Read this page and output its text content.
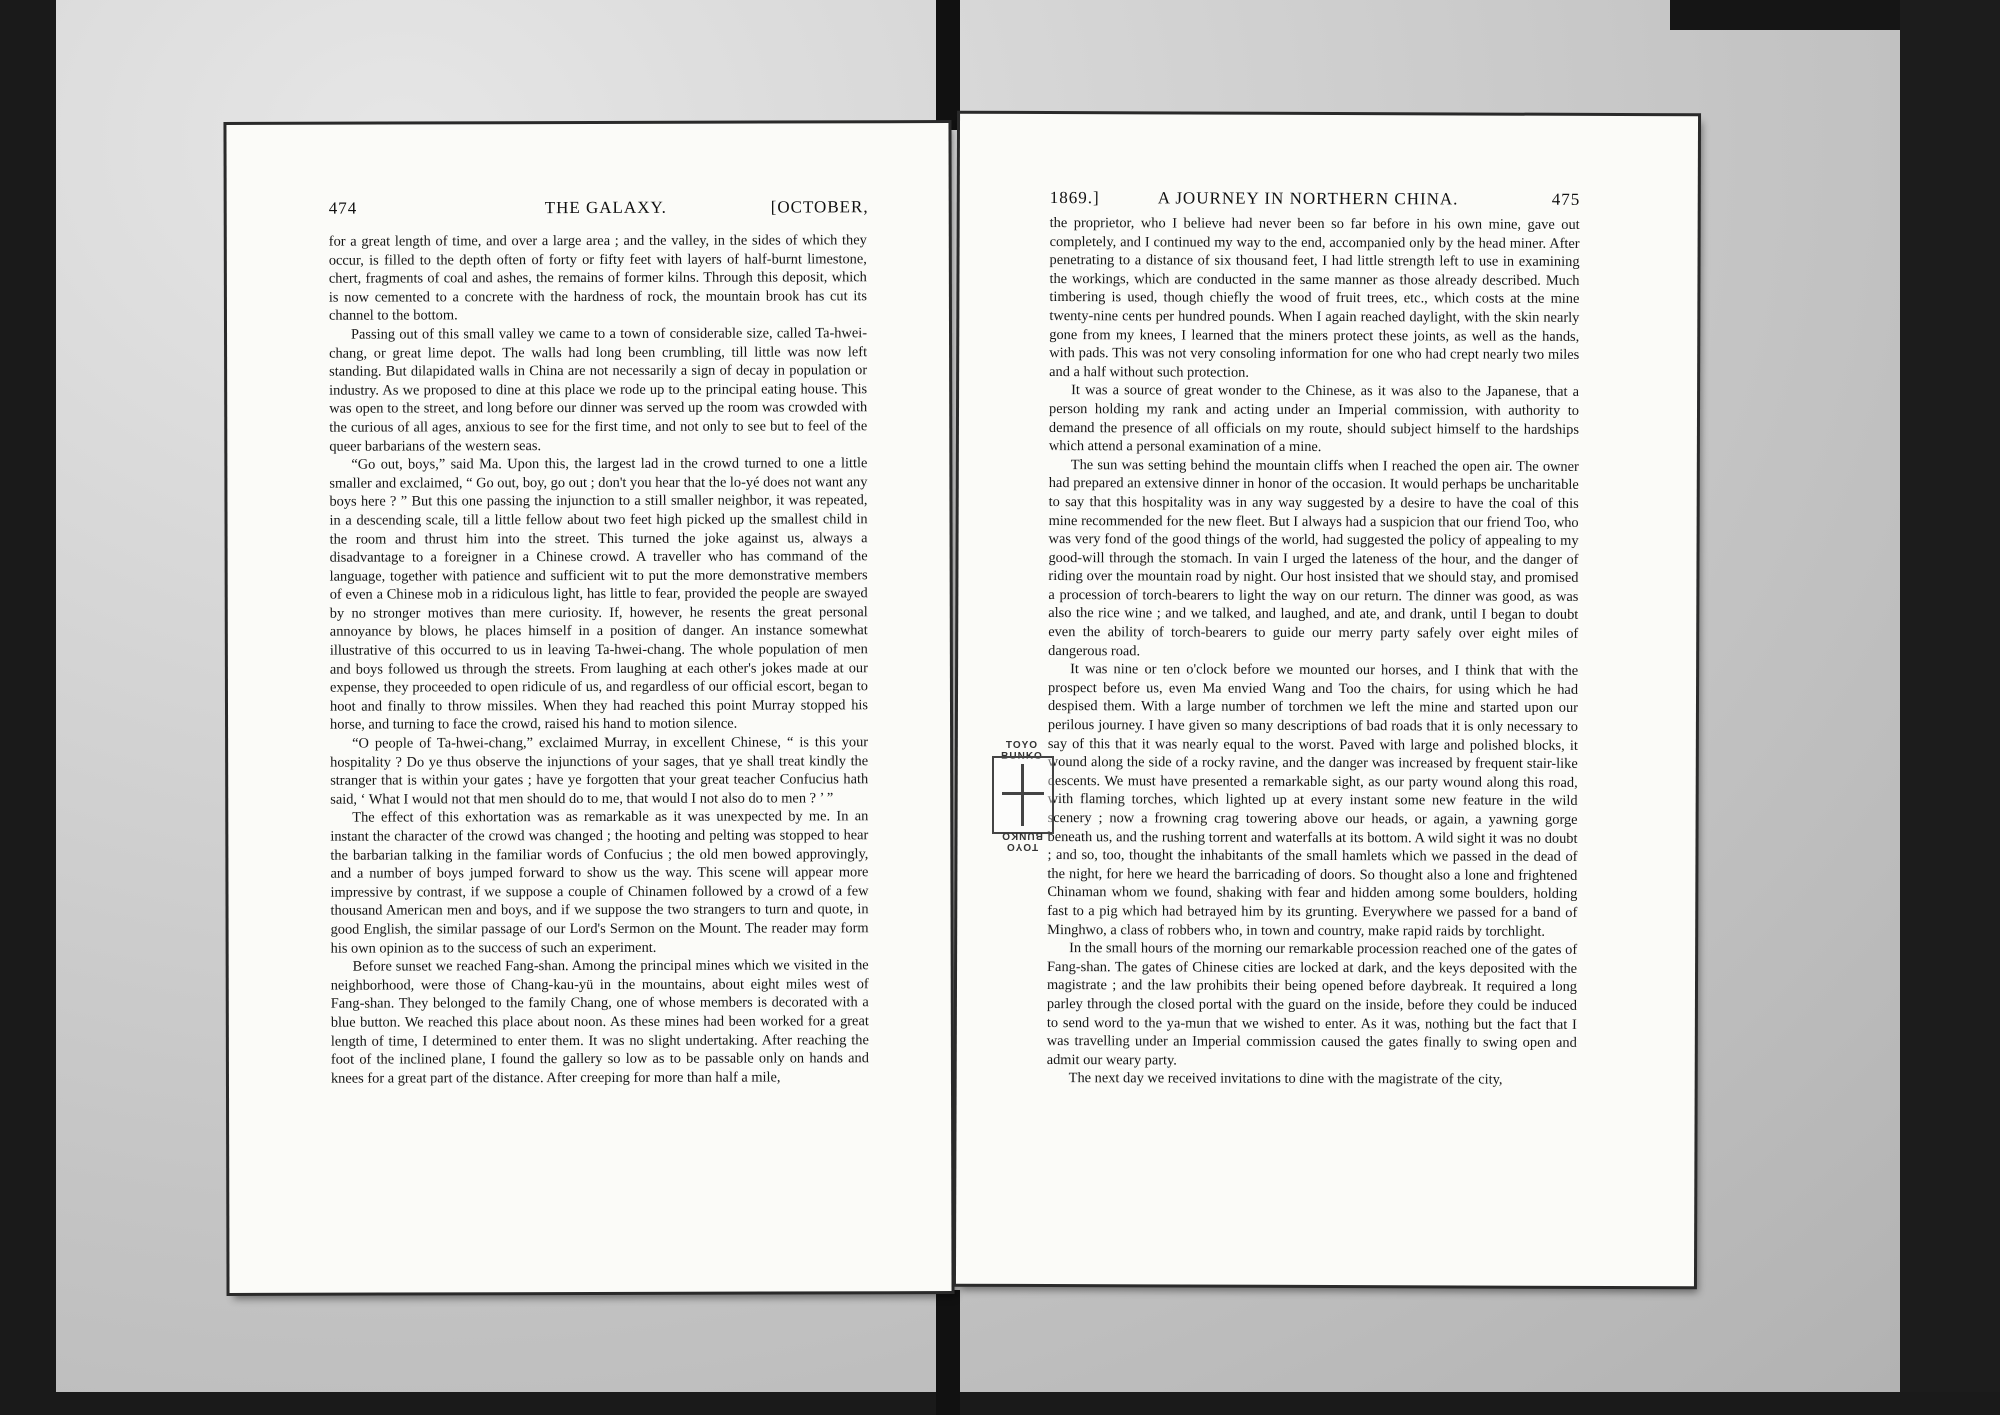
474	THE GALAXY.	[OCTOBER,

for a great length of time, and over a large area ; and the valley, in the sides of which they occur, is filled to the depth often of forty or fifty feet with layers of half-burnt limestone, chert, fragments of coal and ashes, the remains of former kilns. Through this deposit, which is now cemented to a concrete with the hardness of rock, the mountain brook has cut its channel to the bottom.

Passing out of this small valley we came to a town of considerable size, called Ta-hwei-chang, or great lime depot. The walls had long been crumbling, till little was now left standing. But dilapidated walls in China are not necessarily a sign of decay in population or industry. As we proposed to dine at this place we rode up to the principal eating house. This was open to the street, and long before our dinner was served up the room was crowded with the curious of all ages, anxious to see for the first time, and not only to see but to feel of the queer barbarians of the western seas.

“Go out, boys,” said Ma. Upon this, the largest lad in the crowd turned to one a little smaller and exclaimed, “ Go out, boy, go out ; don't you hear that the lo-yé does not want any boys here ? ” But this one passing the injunction to a still smaller neighbor, it was repeated, in a descending scale, till a little fellow about two feet high picked up the smallest child in the room and thrust him into the street. This turned the joke against us, always a disadvantage to a foreigner in a Chinese crowd. A traveller who has command of the language, together with patience and sufficient wit to put the more demonstrative members of even a Chinese mob in a ridiculous light, has little to fear, provided the people are swayed by no stronger motives than mere curiosity. If, however, he resents the great personal annoyance by blows, he places himself in a position of danger. An instance somewhat illustrative of this occurred to us in leaving Ta-hwei-chang. The whole population of men and boys followed us through the streets. From laughing at each other's jokes made at our expense, they proceeded to open ridicule of us, and regardless of our official escort, began to hoot and finally to throw missiles. When they had reached this point Murray stopped his horse, and turning to face the crowd, raised his hand to motion silence.

“O people of Ta-hwei-chang,” exclaimed Murray, in excellent Chinese, “ is this your hospitality ? Do ye thus observe the injunctions of your sages, that ye shall treat kindly the stranger that is within your gates ; have ye forgotten that your great teacher Confucius hath said, ‘ What I would not that men should do to me, that would I not also do to men ? ’ ”

The effect of this exhortation was as remarkable as it was unexpected by me. In an instant the character of the crowd was changed ; the hooting and pelting was stopped to hear the barbarian talking in the familiar words of Confucius ; the old men bowed approvingly, and a number of boys jumped forward to show us the way. This scene will appear more impressive by contrast, if we suppose a couple of Chinamen followed by a crowd of a few thousand American men and boys, and if we suppose the two strangers to turn and quote, in good English, the similar passage of our Lord's Sermon on the Mount. The reader may form his own opinion as to the success of such an experiment.

Before sunset we reached Fang-shan. Among the principal mines which we visited in the neighborhood, were those of Chang-kau-yü in the mountains, about eight miles west of Fang-shan. They belonged to the family Chang, one of whose members is decorated with a blue button. We reached this place about noon. As these mines had been worked for a great length of time, I determined to enter them. It was no slight undertaking. After reaching the foot of the inclined plane, I found the gallery so low as to be passable only on hands and knees for a great part of the distance. After creeping for more than half a mile,

1869.]	A JOURNEY IN NORTHERN CHINA.	475

the proprietor, who I believe had never been so far before in his own mine, gave out completely, and I continued my way to the end, accompanied only by the head miner. After penetrating to a distance of six thousand feet, I had little strength left to use in examining the workings, which are conducted in the same manner as those already described. Much timbering is used, though chiefly the wood of fruit trees, etc., which costs at the mine twenty-nine cents per hundred pounds. When I again reached daylight, with the skin nearly gone from my knees, I learned that the miners protect these joints, as well as the hands, with pads. This was not very consoling information for one who had crept nearly two miles and a half without such protection.

It was a source of great wonder to the Chinese, as it was also to the Japanese, that a person holding my rank and acting under an Imperial commission, with authority to demand the presence of all officials on my route, should subject himself to the hardships which attend a personal examination of a mine.

The sun was setting behind the mountain cliffs when I reached the open air. The owner had prepared an extensive dinner in honor of the occasion. It would perhaps be uncharitable to say that this hospitality was in any way suggested by a desire to have the coal of this mine recommended for the new fleet. But I always had a suspicion that our friend Too, who was very fond of the good things of the world, had suggested the policy of appealing to my good-will through the stomach. In vain I urged the lateness of the hour, and the danger of riding over the mountain road by night. Our host insisted that we should stay, and promised a procession of torch-bearers to light the way on our return. The dinner was good, as was also the rice wine ; and we talked, and laughed, and ate, and drank, until I began to doubt even the ability of torch-bearers to guide our merry party safely over eight miles of dangerous road.

It was nine or ten o'clock before we mounted our horses, and I think that with the prospect before us, even Ma envied Wang and Too the chairs, for using which he had despised them. With a large number of torchmen we left the mine and started upon our perilous journey. I have given so many descriptions of bad roads that it is only necessary to say of this that it was nearly equal to the worst. Paved with large and polished blocks, it wound along the side of a rocky ravine, and the danger was increased by frequent stair-like descents. We must have presented a remarkable sight, as our party wound along this road, with flaming torches, which lighted up at every instant some new feature in the wild scenery ; now a frowning crag towering above our heads, or again, a yawning gorge beneath us, and the rushing torrent and waterfalls at its bottom. A wild sight it was no doubt ; and so, too, thought the inhabitants of the small hamlets which we passed in the dead of the night, for here we heard the barricading of doors. So thought also a lone and frightened Chinaman whom we found, shaking with fear and hidden among some boulders, holding fast to a pig which had betrayed him by its grunting. Everywhere we passed for a band of Minghwo, a class of robbers who, in town and country, make rapid raids by torchlight.

In the small hours of the morning our remarkable procession reached one of the gates of Fang-shan. The gates of Chinese cities are locked at dark, and the keys deposited with the magistrate ; and the law prohibits their being opened before daybreak. It required a long parley through the closed portal with the guard on the inside, before they could be induced to send word to the ya-mun that we wished to enter. As it was, nothing but the fact that I was travelling under an Imperial commission caused the gates finally to swing open and admit our weary party.

The next day we received invitations to dine with the magistrate of the city,

TOYO BUNKO
TOYO BUNKO
